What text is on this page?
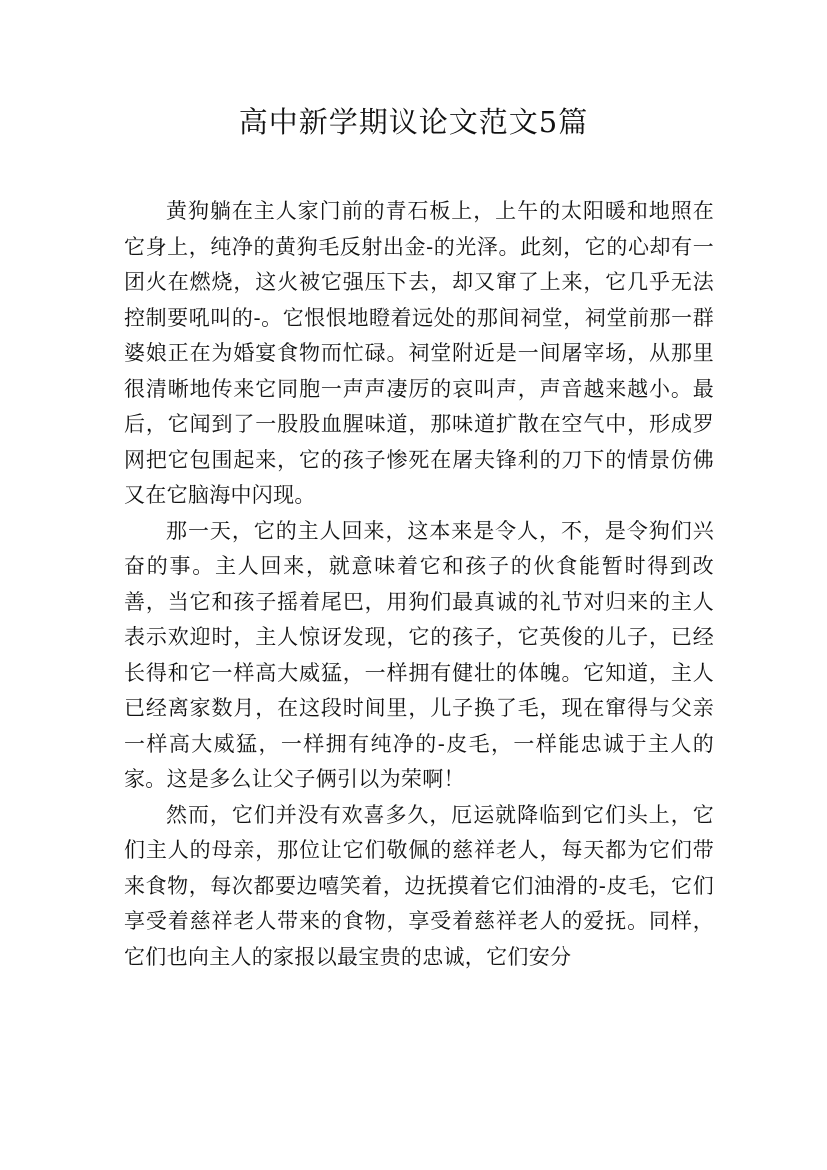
高中新学期议论文范文5篇

黄狗躺在主人家门前的青石板上，上午的太阳暖和地照在它身上，纯净的黄狗毛反射出金-的光泽。此刻，它的心却有一团火在燃烧，这火被它强压下去，却又窜了上来，它几乎无法控制要吼叫的-。它恨恨地瞪着远处的那间祠堂，祠堂前那一群婆娘正在为婚宴食物而忙碌。祠堂附近是一间屠宰场，从那里很清晰地传来它同胞一声声凄厉的哀叫声，声音越来越小。最后，它闻到了一股股血腥味道，那味道扩散在空气中，形成罗网把它包围起来，它的孩子惨死在屠夫锋利的刀下的情景仿佛又在它脑海中闪现。

那一天，它的主人回来，这本来是令人，不，是令狗们兴奋的事。主人回来，就意味着它和孩子的伙食能暂时得到改善，当它和孩子摇着尾巴，用狗们最真诚的礼节对归来的主人表示欢迎时，主人惊讶发现，它的孩子，它英俊的儿子，已经长得和它一样高大威猛，一样拥有健壮的体魄。它知道，主人已经离家数月，在这段时间里，儿子换了毛，现在窜得与父亲一样高大威猛，一样拥有纯净的-皮毛，一样能忠诚于主人的家。这是多么让父子俩引以为荣啊！

然而，它们并没有欢喜多久，厄运就降临到它们头上，它们主人的母亲，那位让它们敬佩的慈祥老人，每天都为它们带来食物，每次都要边嘻笑着，边抚摸着它们油滑的-皮毛，它们享受着慈祥老人带来的食物，享受着慈祥老人的爱抚。同样，它们也向主人的家报以最宝贵的忠诚，它们安分
